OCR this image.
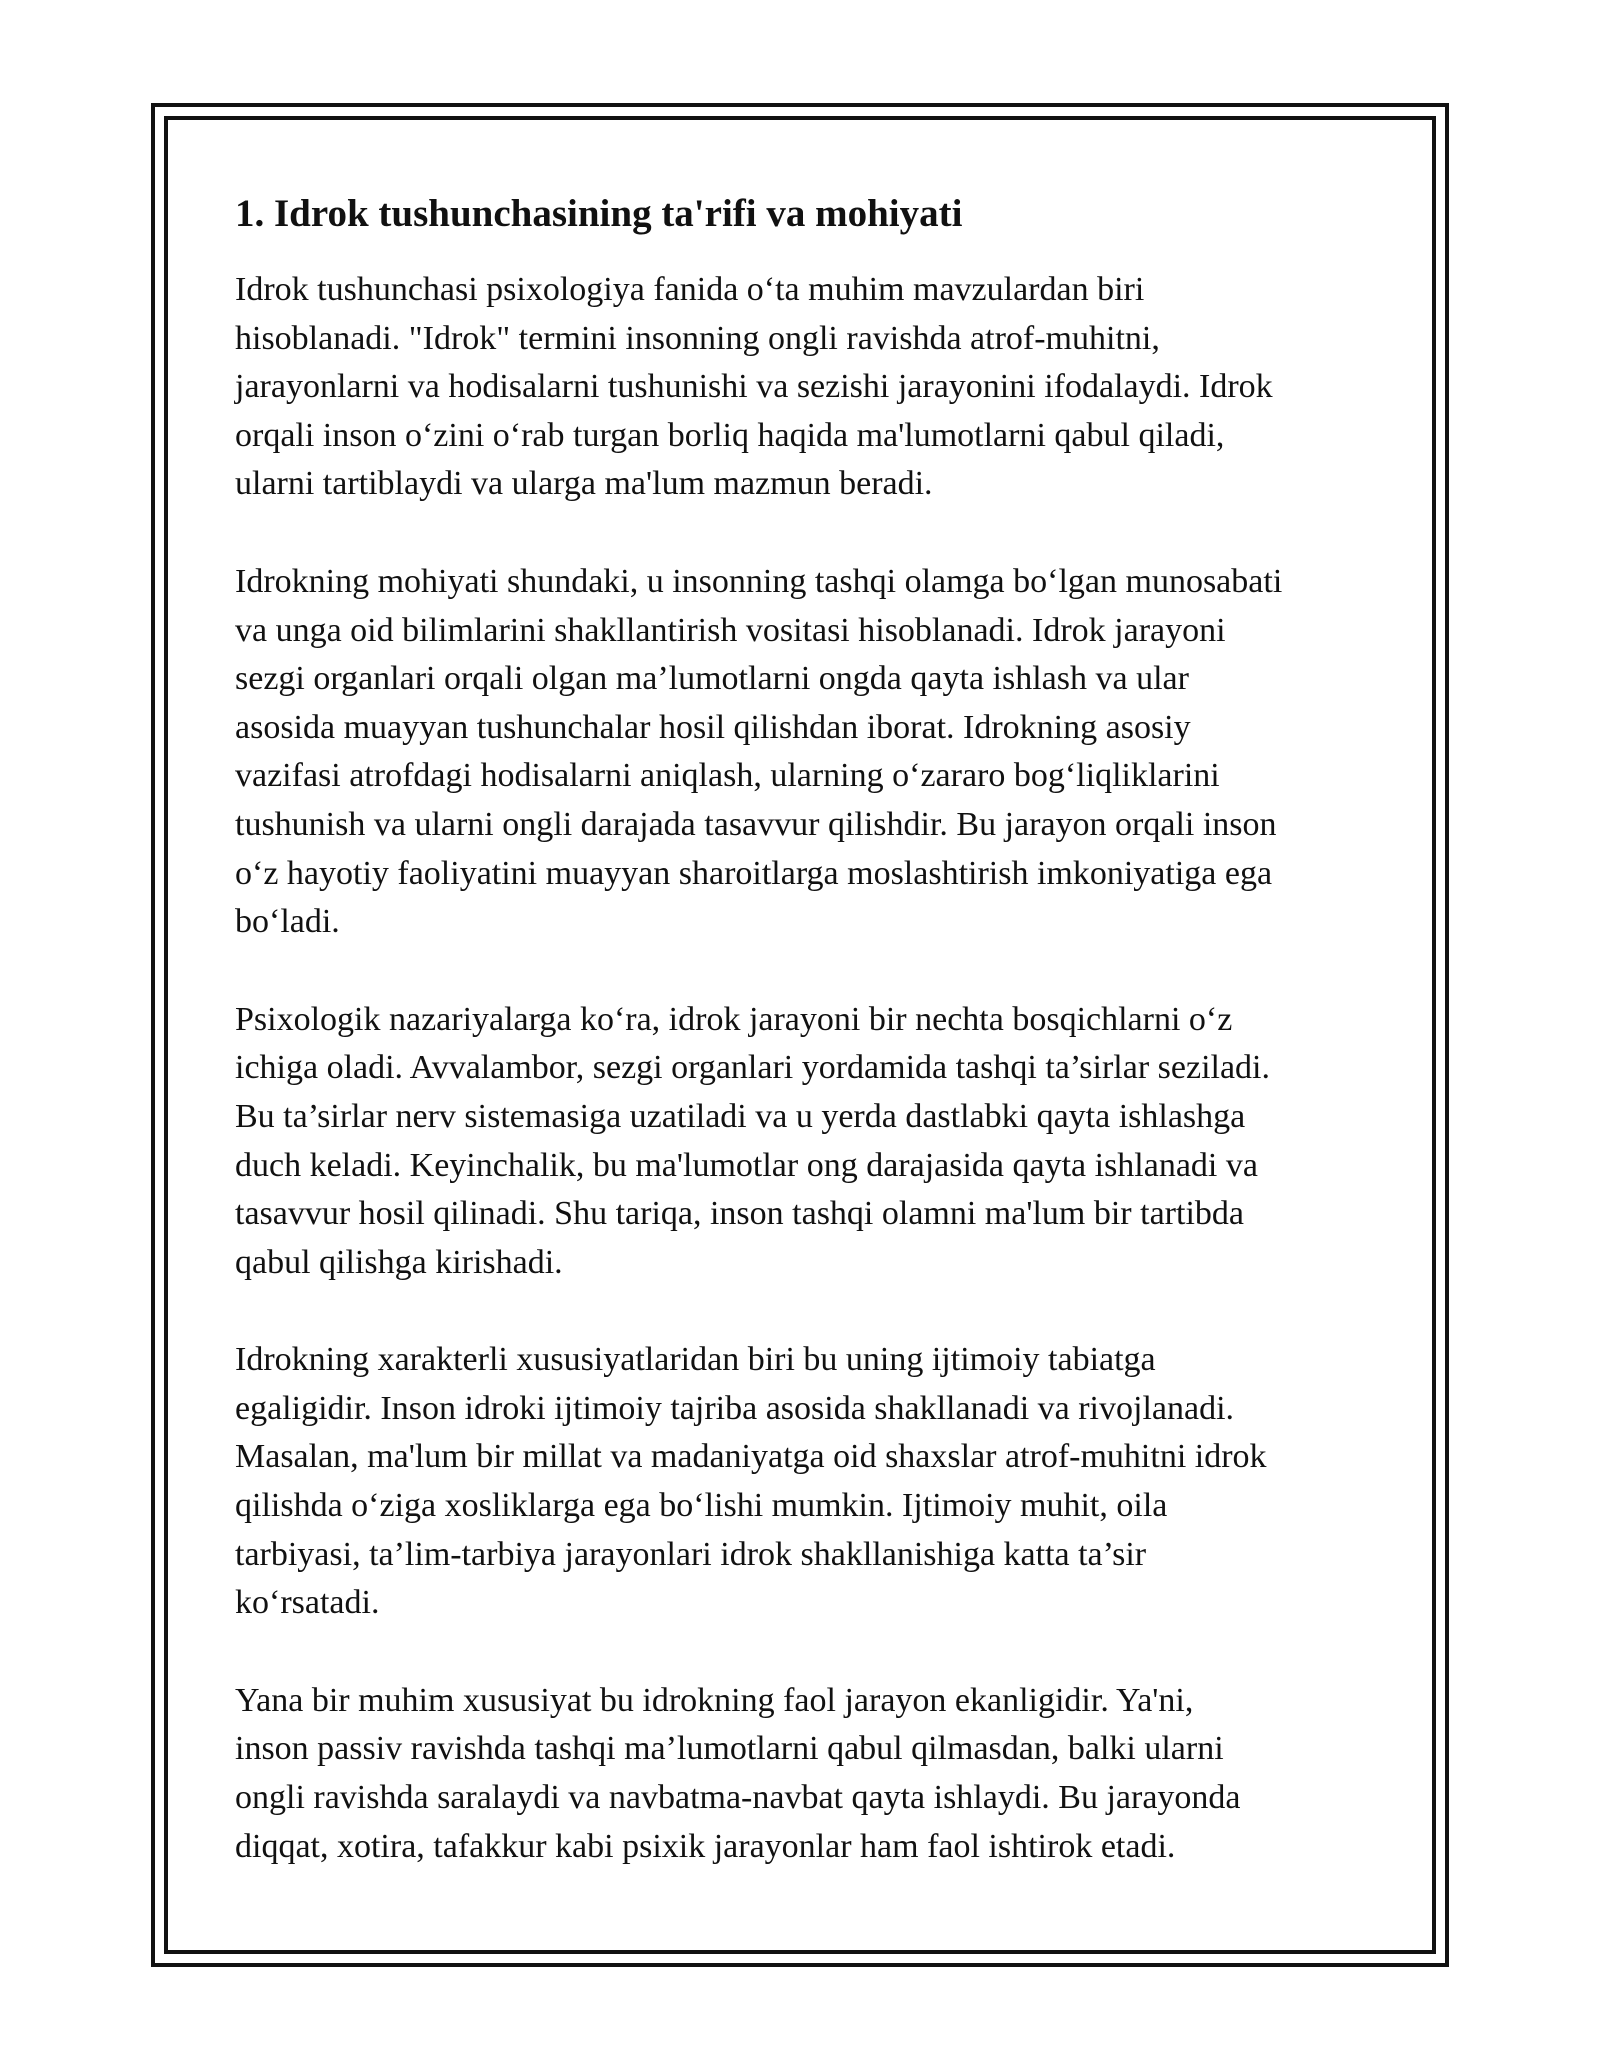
1. Idrok tushunchasining ta'rifi va mohiyati

Idrok tushunchasi psixologiya fanida o‘ta muhim mavzulardan biri
hisoblanadi. "Idrok" termini insonning ongli ravishda atrof-muhitni,
jarayonlarni va hodisalarni tushunishi va sezishi jarayonini ifodalaydi. Idrok
orqali inson o‘zini o‘rab turgan borliq haqida ma'lumotlarni qabul qiladi,
ularni tartiblaydi va ularga ma'lum mazmun beradi.

Idrokning mohiyati shundaki, u insonning tashqi olamga bo‘lgan munosabati
va unga oid bilimlarini shakllantirish vositasi hisoblanadi. Idrok jarayoni
sezgi organlari orqali olgan ma’lumotlarni ongda qayta ishlash va ular
asosida muayyan tushunchalar hosil qilishdan iborat. Idrokning asosiy
vazifasi atrofdagi hodisalarni aniqlash, ularning o‘zararo bog‘liqliklarini
tushunish va ularni ongli darajada tasavvur qilishdir. Bu jarayon orqali inson
o‘z hayotiy faoliyatini muayyan sharoitlarga moslashtirish imkoniyatiga ega
bo‘ladi.

Psixologik nazariyalarga ko‘ra, idrok jarayoni bir nechta bosqichlarni o‘z
ichiga oladi. Avvalambor, sezgi organlari yordamida tashqi ta’sirlar seziladi.
Bu ta’sirlar nerv sistemasiga uzatiladi va u yerda dastlabki qayta ishlashga
duch keladi. Keyinchalik, bu ma'lumotlar ong darajasida qayta ishlanadi va
tasavvur hosil qilinadi. Shu tariqa, inson tashqi olamni ma'lum bir tartibda
qabul qilishga kirishadi.

Idrokning xarakterli xususiyatlaridan biri bu uning ijtimoiy tabiatga
egaligidir. Inson idroki ijtimoiy tajriba asosida shakllanadi va rivojlanadi.
Masalan, ma'lum bir millat va madaniyatga oid shaxslar atrof-muhitni idrok
qilishda o‘ziga xosliklarga ega bo‘lishi mumkin. Ijtimoiy muhit, oila
tarbiyasi, ta’lim-tarbiya jarayonlari idrok shakllanishiga katta ta’sir
ko‘rsatadi.

Yana bir muhim xususiyat bu idrokning faol jarayon ekanligidir. Ya'ni,
inson passiv ravishda tashqi ma’lumotlarni qabul qilmasdan, balki ularni
ongli ravishda saralaydi va navbatma-navbat qayta ishlaydi. Bu jarayonda
diqqat, xotira, tafakkur kabi psixik jarayonlar ham faol ishtirok etadi.
